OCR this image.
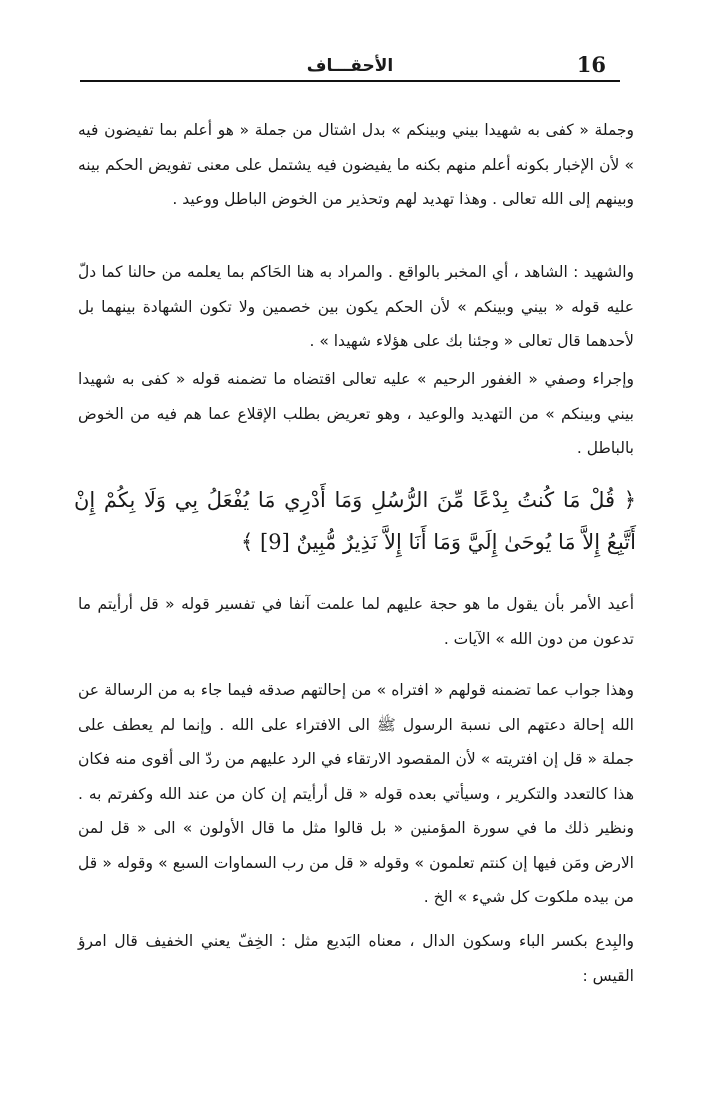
16
الأحقـــاف

وجملة « كفى به شهيدا بيني وبينكم » بدل اشتال من جملة « هو أعلم بما تفيضون فيه » لأن الإخبار بكونه أعلم منهم بكنه ما يفيضون فيه يشتمل على معنى تفويض الحكم بينه وبينهم إلى الله تعالى . وهذا تهديد لهم وتحذير من الخوض الباطل ووعيد .

والشهيد : الشاهد ، أي المخبر بالواقع . والمراد به هنا الحَاكم بما يعلمه من حالنا كما دلّ عليه قوله « بيني وبينكم » لأن الحكم يكون بين خصمين ولا تكون الشهادة بينهما بل لأحدهما قال تعالى « وجئنا بك على هؤلاء شهيدا » .

وإجراء وصفي « الغفور الرحيم » عليه تعالى اقتضاه ما تضمنه قوله « كفى به شهيدا بيني وبينكم » من التهديد والوعيد ، وهو تعريض بطلب الإقلاع عما هم فيه من الخوض بالباطل .

﴿ قُلْ مَا كُنتُ بِدْعًا مِّنَ الرُّسُلِ وَمَا أَدْرِي مَا يُفْعَلُ بِي وَلَا بِكُمْ إِنْ أَتَّبِعُ إِلاَّ مَا يُوحَىٰ إِلَيَّ وَمَا أَنَا إِلاَّ نَذِيرٌ مُّبِينٌ [9] ﴾

أعيد الأمر بأن يقول ما هو حجة عليهم لما علمت آنفا في تفسير قوله « قل أرأيتم ما تدعون من دون الله » الآيات .

وهذا جواب عما تضمنه قولهم « افتراه » من إحالتهم صدقه فيما جاء به من الرسالة عن الله إحالة دعتهم الى نسبة الرسول ﷺ الى الافتراء على الله . وإنما لم يعطف على جملة « قل إن افتريته » لأن المقصود الارتقاء في الرد عليهم من ردّ الى أقوى منه فكان هذا كالتعدد والتكرير ، وسيأتي بعده قوله « قل أرأيتم إن كان من عند الله وكفرتم به . ونظير ذلك ما في سورة المؤمنين « بل قالوا مثل ما قال الأولون » الى « قل لمن الارض ومَن فيها إن كنتم تعلمون » وقوله « قل من رب السماوات السبع » وقوله « قل من بيده ملكوت كل شيء » الخ .

والبِدع بكسر الباء وسكون الدال ، معناه البَديع مثل : الخِفّ يعني الخفيف قال امرؤ القيس :
